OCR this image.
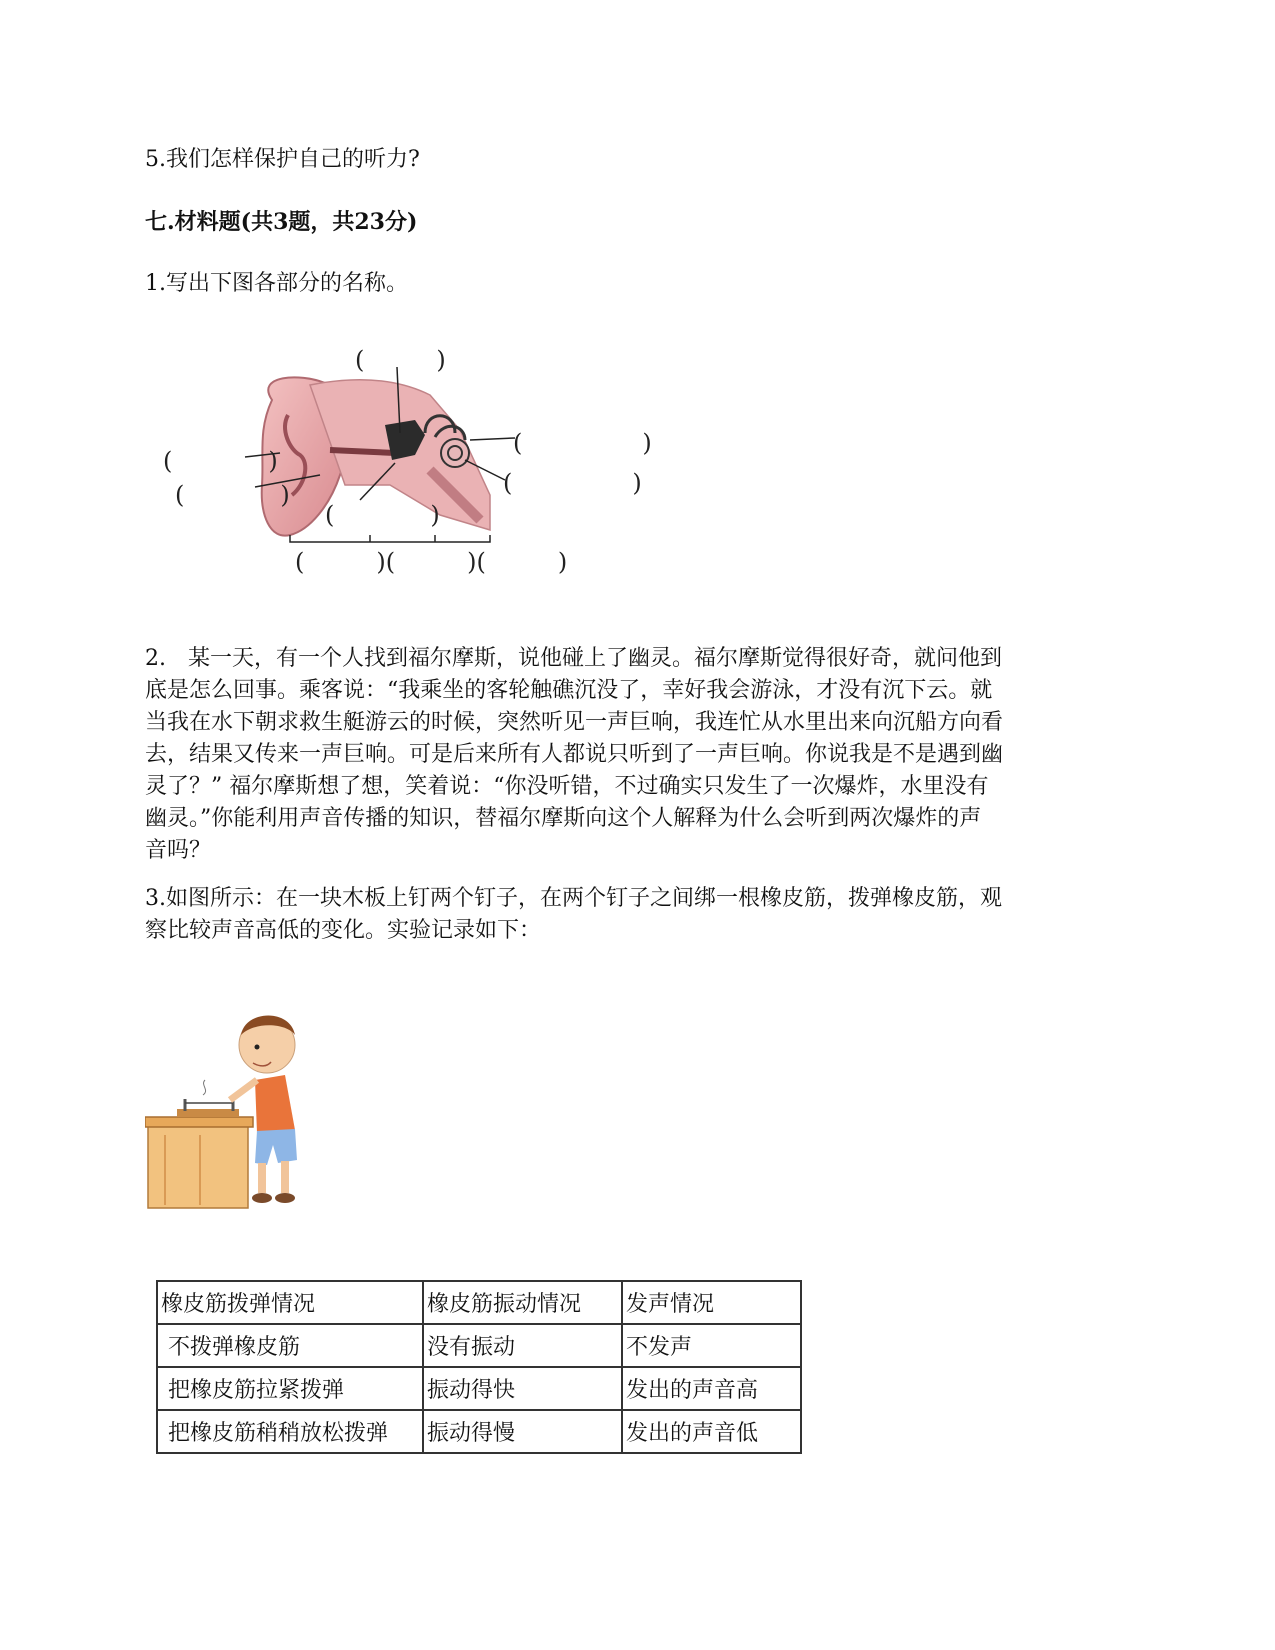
5.我们怎样保护自己的听力?
七.材料题(共3题，共23分)
1.写出下图各部分的名称。
(　　　)
(　　　　　)
(　　　　　)
(　　　　)
(　　　　)
(　　　　)
(　　　)(　　　)(　　　)
2.　某一天，有一个人找到福尔摩斯，说他碰上了幽灵。福尔摩斯觉得很好奇，就问他到
底是怎么回事。乘客说：“我乘坐的客轮触礁沉没了，幸好我会游泳，才没有沉下云。就
当我在水下朝求救生艇游云的时候，突然听见一声巨响，我连忙从水里出来向沉船方向看
去，结果又传来一声巨响。可是后来所有人都说只听到了一声巨响。你说我是不是遇到幽
灵了？” 福尔摩斯想了想，笑着说：“你没听错，不过确实只发生了一次爆炸，水里没有
幽灵。”你能利用声音传播的知识，替福尔摩斯向这个人解释为什么会听到两次爆炸的声
音吗？
3.如图所示：在一块木板上钉两个钉子，在两个钉子之间绑一根橡皮筋，拨弹橡皮筋，观
察比较声音高低的变化。实验记录如下：
橡皮筋拨弹情况	橡皮筋振动情况	发声情况
不拨弹橡皮筋	没有振动	不发声
把橡皮筋拉紧拨弹	振动得快	发出的声音高
把橡皮筋稍稍放松拨弹	振动得慢	发出的声音低
